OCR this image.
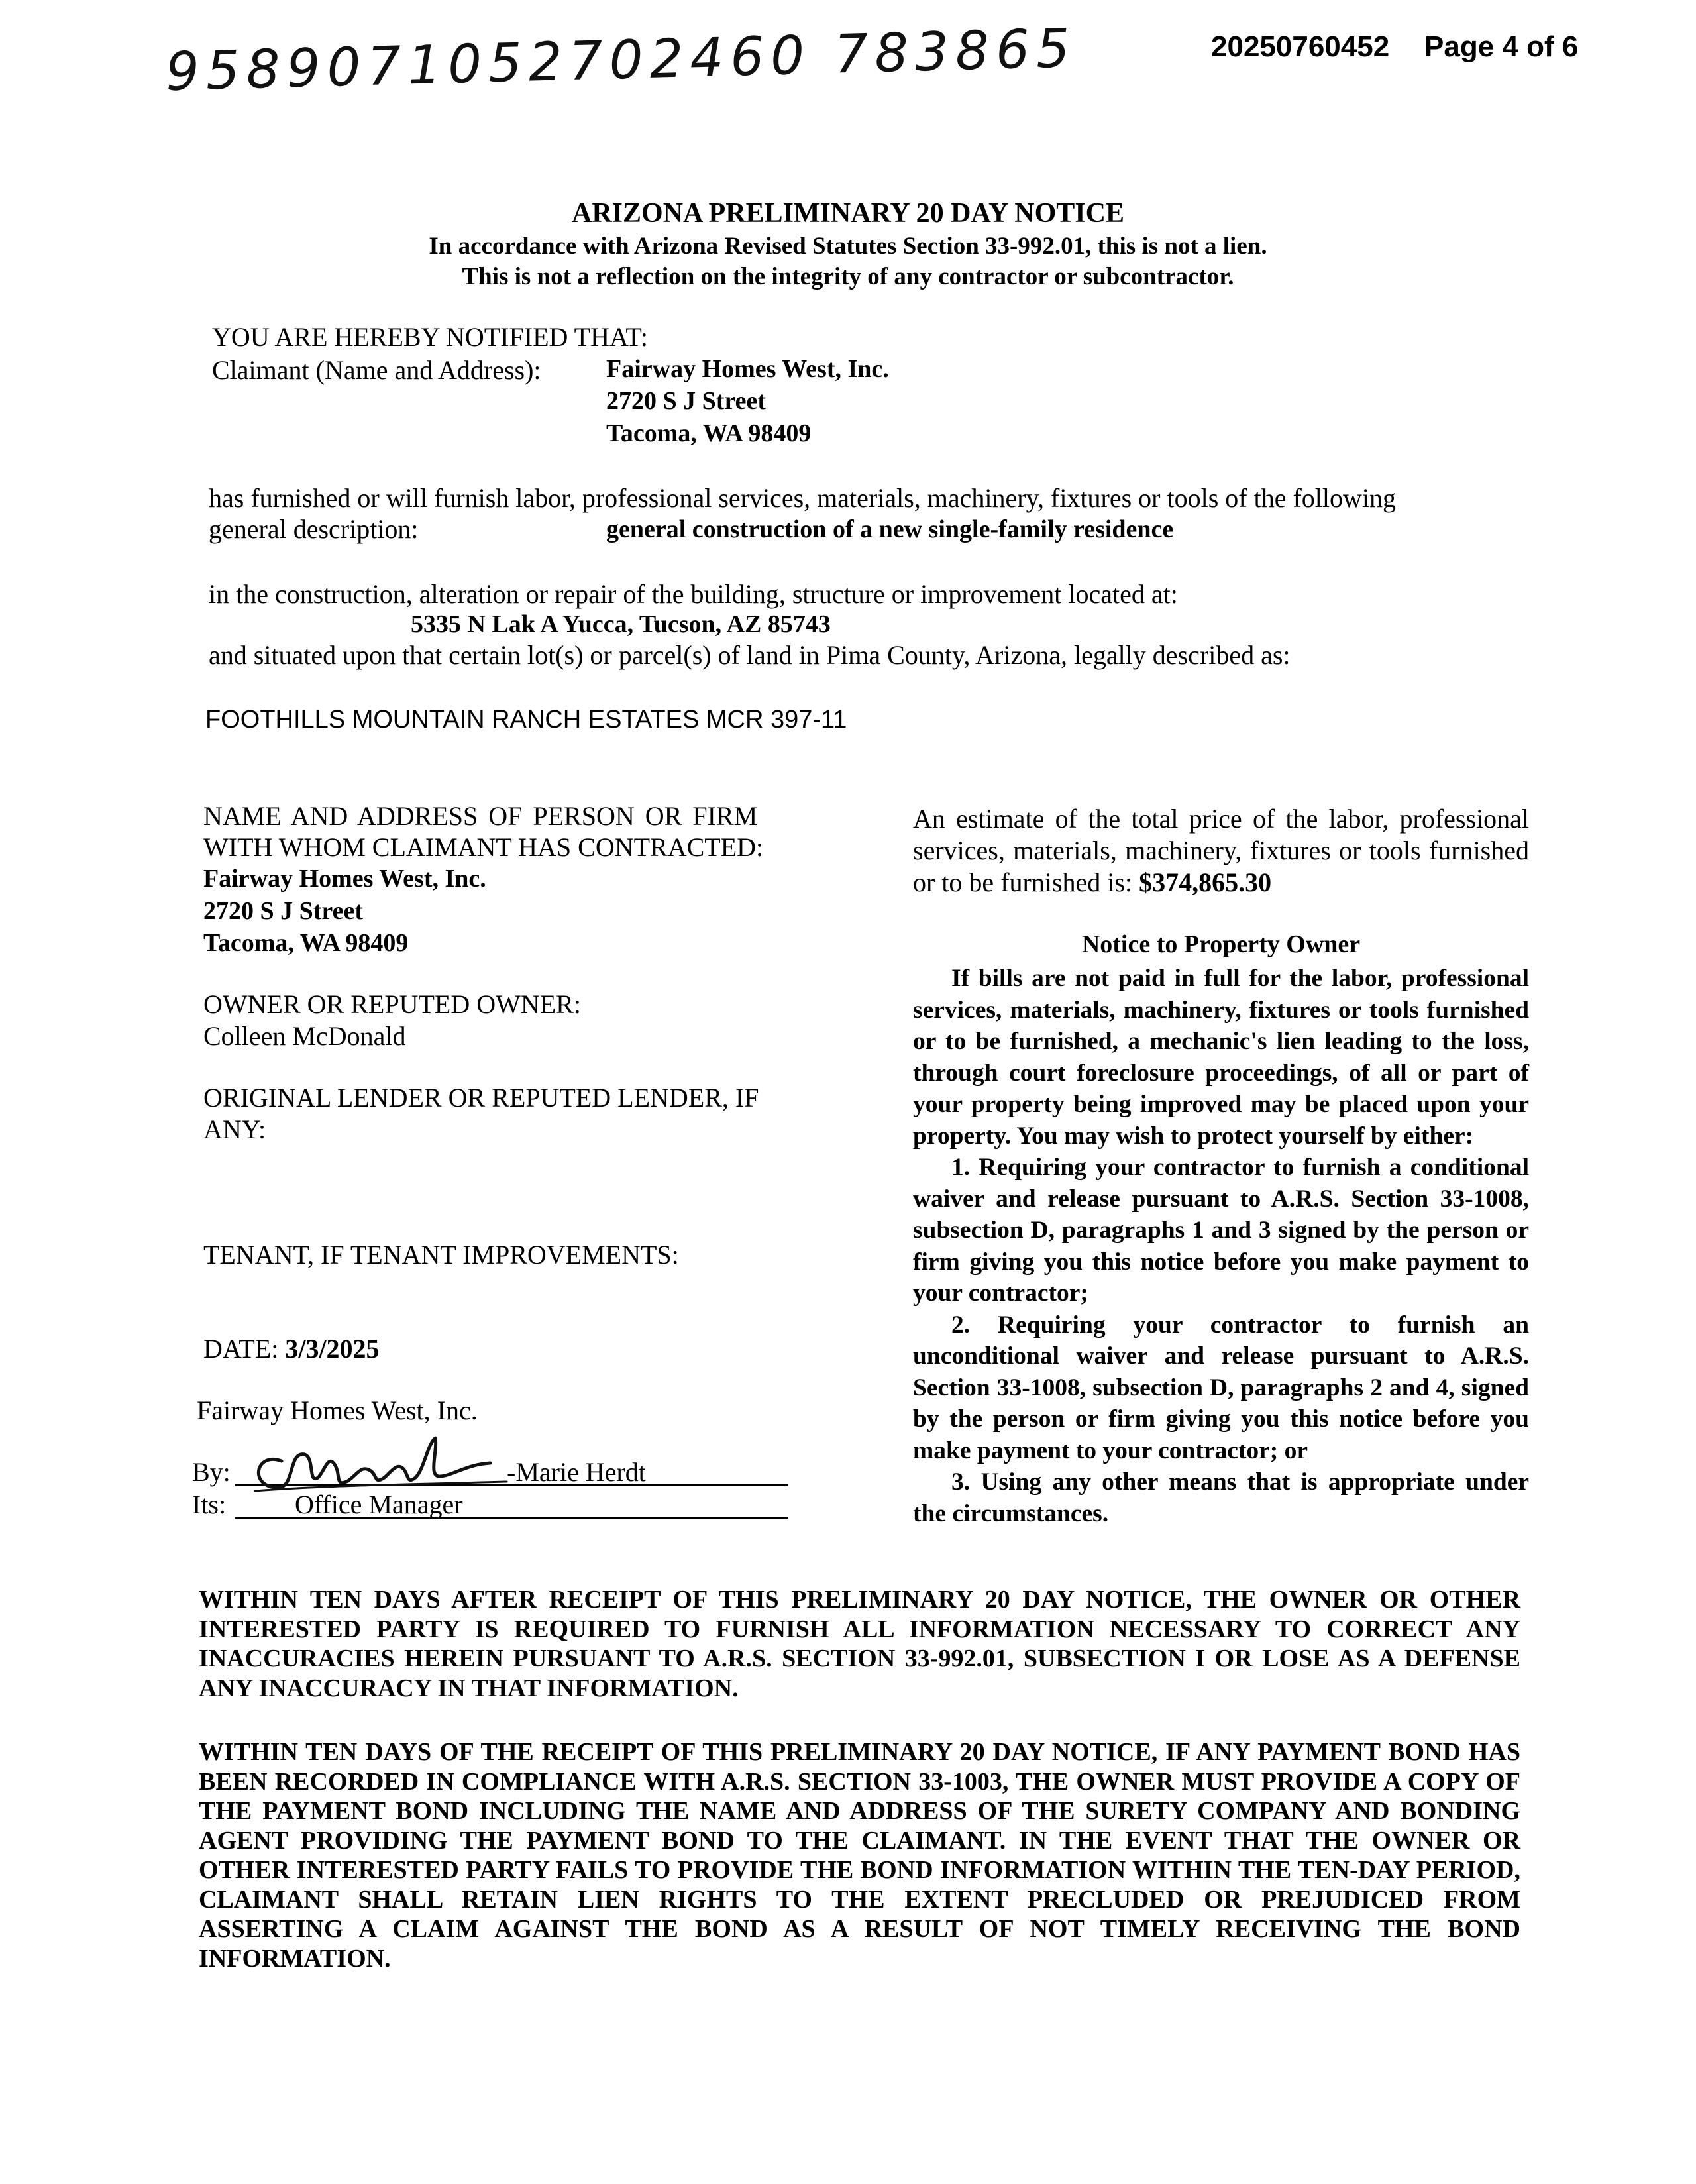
9589071052702460 783865	20250760452 Page 4 of 6
ARIZONA PRELIMINARY 20 DAY NOTICE
In accordance with Arizona Revised Statutes Section 33-992.01, this is not a lien.
This is not a reflection on the integrity of any contractor or subcontractor.
YOU ARE HEREBY NOTIFIED THAT:
Claimant (Name and Address):	Fairway Homes West, Inc.
2720 S J Street
Tacoma, WA 98409
has furnished or will furnish labor, professional services, materials, machinery, fixtures or tools of the following
general description:	general construction of a new single-family residence
in the construction, alteration or repair of the building, structure or improvement located at:
5335 N Lak A Yucca, Tucson, AZ 85743
and situated upon that certain lot(s) or parcel(s) of land in Pima County, Arizona, legally described as:
FOOTHILLS MOUNTAIN RANCH ESTATES MCR 397-11
NAME AND ADDRESS OF PERSON OR FIRM
WITH WHOM CLAIMANT HAS CONTRACTED:
Fairway Homes West, Inc.
2720 S J Street
Tacoma, WA 98409
OWNER OR REPUTED OWNER:
Colleen McDonald
ORIGINAL LENDER OR REPUTED LENDER, IF
ANY:
TENANT, IF TENANT IMPROVEMENTS:
DATE: 3/3/2025
Fairway Homes West, Inc.
By:	-Marie Herdt
Its:	Office Manager
An estimate of the total price of the labor, professional services, materials, machinery, fixtures or tools furnished or to be furnished is: $374,865.30
Notice to Property Owner

If bills are not paid in full for the labor, professional services, materials, machinery, fixtures or tools furnished or to be furnished, a mechanic's lien leading to the loss, through court foreclosure proceedings, of all or part of your property being improved may be placed upon your property. You may wish to protect yourself by either:

1. Requiring your contractor to furnish a conditional waiver and release pursuant to A.R.S. Section 33-1008, subsection D, paragraphs 1 and 3 signed by the person or firm giving you this notice before you make payment to your contractor;

2. Requiring your contractor to furnish an unconditional waiver and release pursuant to A.R.S. Section 33-1008, subsection D, paragraphs 2 and 4, signed by the person or firm giving you this notice before you make payment to your contractor; or

3. Using any other means that is appropriate under the circumstances.

WITHIN TEN DAYS AFTER RECEIPT OF THIS PRELIMINARY 20 DAY NOTICE, THE OWNER OR OTHER INTERESTED PARTY IS REQUIRED TO FURNISH ALL INFORMATION NECESSARY TO CORRECT ANY INACCURACIES HEREIN PURSUANT TO A.R.S. SECTION 33-992.01, SUBSECTION I OR LOSE AS A DEFENSE ANY INACCURACY IN THAT INFORMATION.
WITHIN TEN DAYS OF THE RECEIPT OF THIS PRELIMINARY 20 DAY NOTICE, IF ANY PAYMENT BOND HAS BEEN RECORDED IN COMPLIANCE WITH A.R.S. SECTION 33-1003, THE OWNER MUST PROVIDE A COPY OF THE PAYMENT BOND INCLUDING THE NAME AND ADDRESS OF THE SURETY COMPANY AND BONDING AGENT PROVIDING THE PAYMENT BOND TO THE CLAIMANT. IN THE EVENT THAT THE OWNER OR OTHER INTERESTED PARTY FAILS TO PROVIDE THE BOND INFORMATION WITHIN THE TEN-DAY PERIOD, CLAIMANT SHALL RETAIN LIEN RIGHTS TO THE EXTENT PRECLUDED OR PREJUDICED FROM ASSERTING A CLAIM AGAINST THE BOND AS A RESULT OF NOT TIMELY RECEIVING THE BOND INFORMATION.
